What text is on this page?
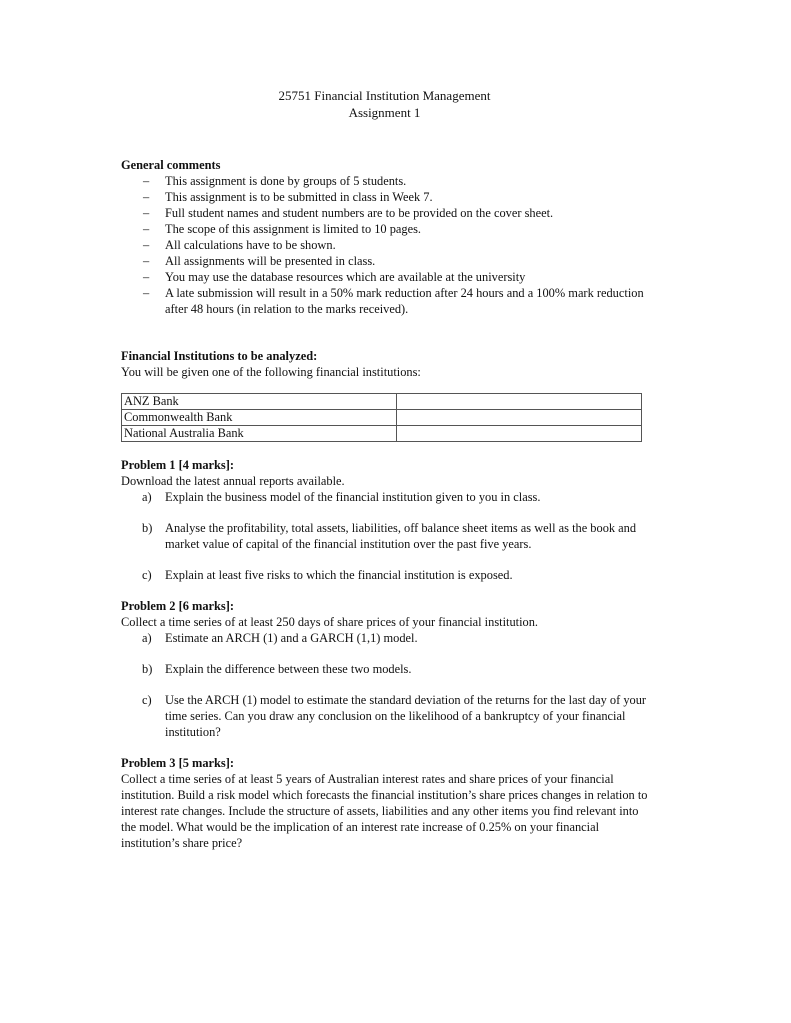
25751 Financial Institution Management
Assignment 1
General comments
– This assignment is done by groups of 5 students.
– This assignment is to be submitted in class in Week 7.
– Full student names and student numbers are to be provided on the cover sheet.
– The scope of this assignment is limited to 10 pages.
– All calculations have to be shown.
– All assignments will be presented in class.
– You may use the database resources which are available at the university
– A late submission will result in a 50% mark reduction after 24 hours and a 100% mark reduction after 48 hours (in relation to the marks received).
Financial Institutions to be analyzed:
You will be given one of the following financial institutions:
ANZ Bank	
Commonwealth Bank	
National Australia Bank	
Problem 1 [4 marks]:
Download the latest annual reports available.
a) Explain the business model of the financial institution given to you in class.
b) Analyse the profitability, total assets, liabilities, off balance sheet items as well as the book and market value of capital of the financial institution over the past five years.
c) Explain at least five risks to which the financial institution is exposed.
Problem 2 [6 marks]:
Collect a time series of at least 250 days of share prices of your financial institution.
a) Estimate an ARCH (1) and a GARCH (1,1) model.
b) Explain the difference between these two models.
c) Use the ARCH (1) model to estimate the standard deviation of the returns for the last day of your time series. Can you draw any conclusion on the likelihood of a bankruptcy of your financial institution?
Problem 3 [5 marks]:
Collect a time series of at least 5 years of Australian interest rates and share prices of your financial institution. Build a risk model which forecasts the financial institution’s share prices changes in relation to interest rate changes. Include the structure of assets, liabilities and any other items you find relevant into the model. What would be the implication of an interest rate increase of 0.25% on your financial institution’s share price?
